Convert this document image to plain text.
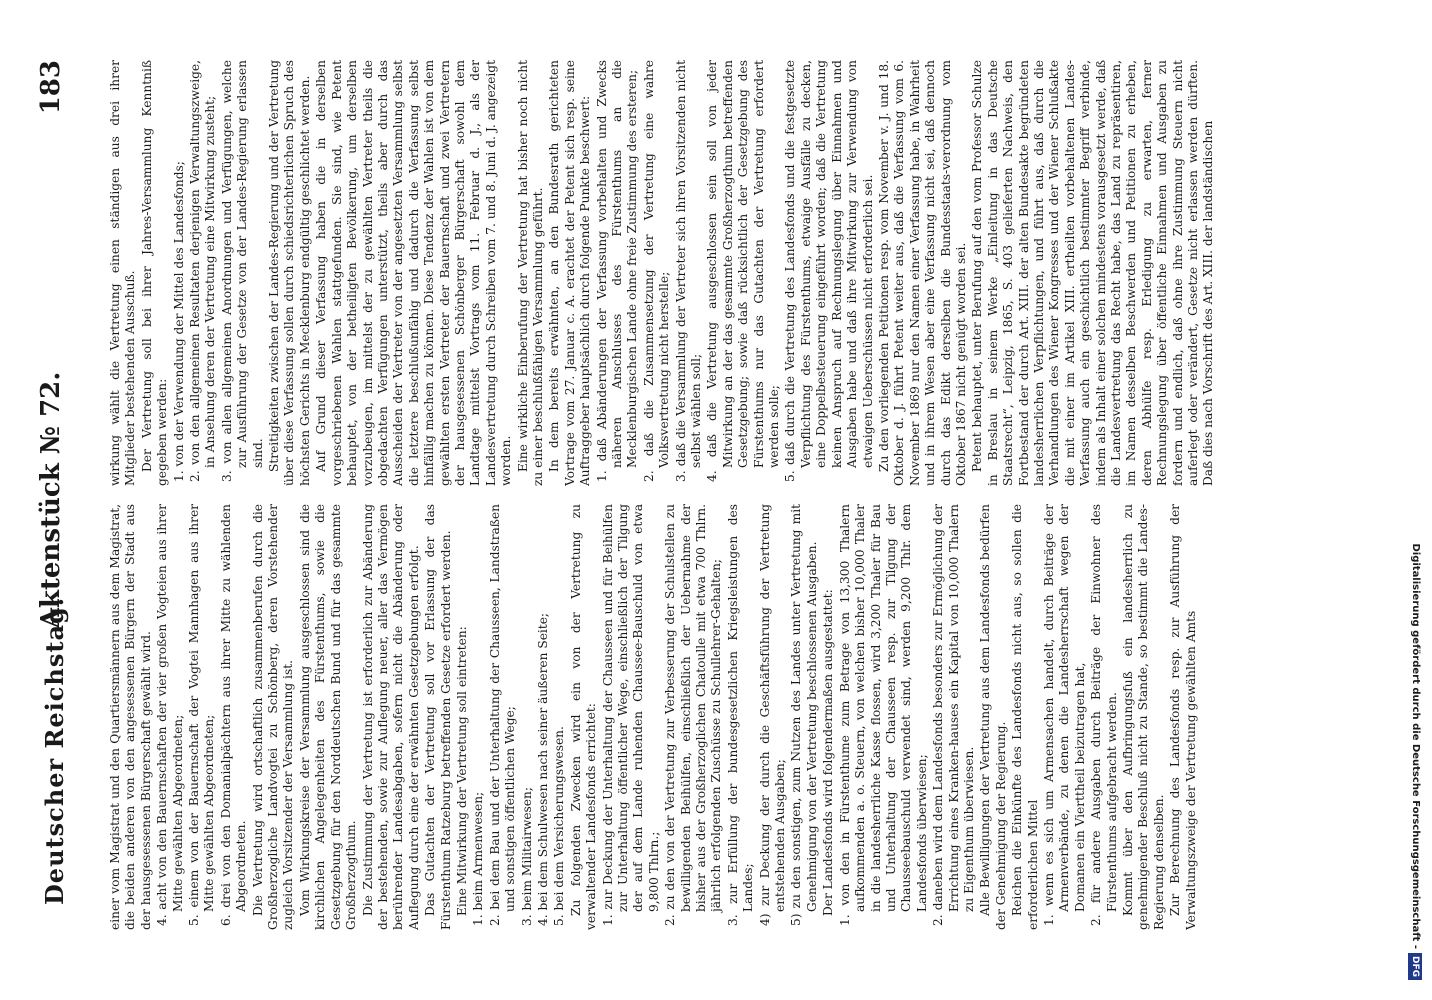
Deutscher Reichstag.
Aktenstück № 72.
183

einer vom Magistrat und den Quartiersmännern aus dem Magistrat, die beiden anderen von den angesessenen Bürgern der Stadt aus der hausgesessenen Bürgerschaft gewählt wird. 4. acht von den Bauernschaften der vier großen Vogteien aus ihrer Mitte gewählten Abgeordneten; 5. einem von der Bauernschaft der Vogtei Mannhagen aus ihrer Mitte gewählten Abgeordneten; 6. drei von den Domanialpächtern aus ihrer Mitte zu wählenden Abgeordneten. Die Vertretung wird ortschaftlich zusammenberufen durch die Großherzogliche Landvogtei zu Schönberg, deren Vorstehender zugleich Vorsitzender der Versammlung ist. Vom Wirkungskreise der Versammlung ausgeschlossen sind die kirchlichen Angelegenheiten des Fürstenthums, sowie die Gesetzgebung für den Norddeutschen Bund und für das gesammte Großherzogthum. Die Zustimmung der Vertretung ist erforderlich zur Abänderung der bestehenden, sowie zur Auflegung neuer, aller das Vermögen berührender Landesabgaben, sofern nicht die Abänderung oder Auflegung durch eine der erwähnten Gesetzgebungen erfolgt. Das Gutachten der Vertretung soll vor Erlassung der das Fürstenthum Ratzeburg betreffenden Gesetze erfordert werden. Eine Mitwirkung der Vertretung soll eintreten: 1. beim Armenwesen; 2. bei dem Bau und der Unterhaltung der Chausseen, Landstraßen und sonstigen öffentlichen Wege; 3. beim Militairwesen; 4. bei dem Schulwesen nach seiner äußeren Seite; 5. bei dem Versicherungswesen. Zu folgenden Zwecken wird ein von der Vertretung zu verwaltender Landesfonds errichtet: 1. zur Deckung der Unterhaltung der Chausseen und für Beihülfen zur Unterhaltung öffentlicher Wege, einschließlich der Tilgung der auf dem Lande ruhenden Chaussee-Bauschuld von etwa 9,800 Thlrn.; 2. zu den von der Vertretung zur Verbesserung der Schulstellen zu bewilligenden Beihülfen, einschließlich der Uebernahme der bisher aus der Großherzoglichen Chatoulle mit etwa 700 Thlrn. jährlich erfolgenden Zuschüsse zu Schullehrer-Gehalten; 3. zur Erfüllung der bundesgesetzlichen Kriegsleistungen des Landes; 4) zur Deckung der durch die Geschäftsführung der Vertretung entstehenden Ausgaben; 5) zu den sonstigen, zum Nutzen des Landes unter Vertretung mit Genehmigung von der Vertretung beschlossenen Ausgaben. Der Landesfonds wird folgendermaßen ausgestattet: 1. von den in Fürstenthume zum Betrage von 13,300 Thalern aufkommenden a. o. Steuern, von welchen bisher 10,000 Thaler in die landesherrliche Kasse flossen, wird 3,200 Thaler für Bau und Unterhaltung der Chausseen resp. zur Tilgung der Chausseebauschuld verwendet sind, werden 9,200 Thlr. dem Landesfonds überwiesen; 2. daneben wird dem Landesfonds besonders zur Ermöglichung der Errichtung eines Kranken-hauses ein Kapital von 10,000 Thalern zu Eigenthum überwiesen. Alle Bewilligungen der Vertretung aus dem Landesfonds bedürfen der Genehmigung der Regierung. Reichen die Einkünfte des Landesfonds nicht aus, so sollen die erforderlichen Mittel 1. wenn es sich um Armensachen handelt, durch Beiträge der Armenverbände, zu denen die Landesherrschaft wegen der Domanen ein Vierttheil beizutragen hat, 2. für andere Ausgaben durch Beiträge der Einwohner des Fürstenthums aufgebracht werden. Kommt über den Aufbringungsfuß ein landesherrlich zu genehmigender Beschluß nicht zu Stande, so bestimmt die Landes-Regierung denselben. Zur Berechnung des Landesfonds resp. zur Ausführung der Verwaltungszweige der Vertretung gewählten Amts

wirkung wählt die Vertretung einen ständigen aus drei ihrer Mitglieder bestehenden Ausschuß. Der Vertretung soll bei ihrer Jahres-Versammlung Kenntniß gegeben werden: 1. von der Verwendung der Mittel des Landesfonds; 2. von den allgemeinen Resultaten derjenigen Verwaltungszweige, in Ansehung deren der Vertretung eine Mitwirkung zusteht; 3. von allen allgemeinen Anordnungen und Verfügungen, welche zur Ausführung der Gesetze von der Landes-Regierung erlassen sind. Streitigkeiten zwischen der Landes-Regierung und der Vertretung über diese Verfassung sollen durch schiedsrichterlichen Spruch des höchsten Gerichts in Mecklenburg endgültig geschlichtet werden. Auf Grund dieser Verfassung haben die in derselben vorgeschriebenen Wahlen stattgefunden. Sie sind, wie Petent behauptet, von der betheiligten Bevölkerung, um derselben vorzubeugen, im mittelst der zu gewählten Vertreter theils die obgedachten Verfügungen unterstützt, theils aber durch das Ausscheiden der Vertreter von der angesetzten Versammlung selbst die letztere beschlußunfähig und dadurch die Verfassung selbst hinfällig machen zu können. Diese Tendenz der Wahlen ist von dem gewählten ersten Vertreter der Bauernschaft und zwei Vertretern der hausgesessenen Schönberger Bürgerschaft sowohl dem Landtage mittelst Vortrags vom 11. Februar d. J., als der Landesvertretung durch Schreiben vom 7. und 8. Juni d. J. angezeigt worden. Eine wirkliche Einberufung der Vertretung hat bisher noch nicht zu einer beschlußfähigen Versammlung geführt. In dem bereits erwähnten, an den Bundesrath gerichteten Vortrage vom 27. Januar c. A. erachtet der Petent sich resp. seine Auftraggeber hauptsächlich durch folgende Punkte beschwert: 1. daß Abänderungen der Verfassung vorbehalten und Zwecks näheren Anschlusses des Fürstenthums an die Mecklenburgischen Lande ohne freie Zustimmung des ersteren; 2. daß die Zusammensetzung der Vertretung eine wahre Volksvertretung nicht herstelle; 3. daß die Versammlung der Vertreter sich ihren Vorsitzenden nicht selbst wählen soll; 4. daß die Vertretung ausgeschlossen sein soll von jeder Mitwirkung an der das gesammte Großherzogthum betreffenden Gesetzgebung; sowie daß rücksichtlich der Gesetzgebung des Fürstenthums nur das Gutachten der Vertretung erfordert werden solle; 5. daß durch die Vertretung des Landesfonds und die festgesetzte Verpflichtung des Fürstenthums, etwaige Ausfälle zu decken, eine Doppelbesteuerung eingeführt worden; daß die Vertretung keinen Anspruch auf Rechnungslegung über Einnahmen und Ausgaben habe und daß ihre Mitwirkung zur Verwendung von etwaigen Ueberschüssen nicht erforderlich sei. Zu den vorliegenden Petitionen resp. vom November v. J. und 18. Oktober d. J. führt Petent weiter aus, daß die Verfassung vom 6. November 1869 nur den Namen einer Verfassung habe, in Wahrheit und in ihrem Wesen aber eine Verfassung nicht sei, daß dennoch durch das Edikt derselben die Bundesstaats-verordnung vom Oktober 1867 nicht genügt worden sei. Petent behauptet, unter Berufung auf den vom Professor Schulze in Breslau in seinem Werke „Einleitung in das Deutsche Staatsrecht“, Leipzig, 1865, S. 403 gelieferten Nachweis, den Fortbestand der durch Art. XIII. der alten Bundesakte begründeten landesherrlichen Verpflichtungen, und führt aus, daß durch die Verhandlungen des Wiener Kongresses und der Wiener Schlußakte die mit einer im Artikel XIII. ertheilten vorbehaltenen Landes-Verfassung auch ein geschichtlich bestimmter Begriff verbinde, indem als Inhalt einer solchen mindestens vorausgesetzt werde, daß die Landesvertretung das Recht habe, das Land zu repräsentiren, im Namen desselben Beschwerden und Petitionen zu erheben, deren Abhülfe resp. Erledigung zu erwarten, ferner Rechnungslegung über öffentliche Einnahmen und Ausgaben zu fordern und endlich, daß ohne ihre Zustimmung Steuern nicht auferlegt oder verändert, Gesetze nicht erlassen werden dürften. Daß dies nach Vorschrift des Art. XIII. der landständischen

Digitalisierung gefördert durch die Deutsche Forschungsgemeinschaft -DFG
